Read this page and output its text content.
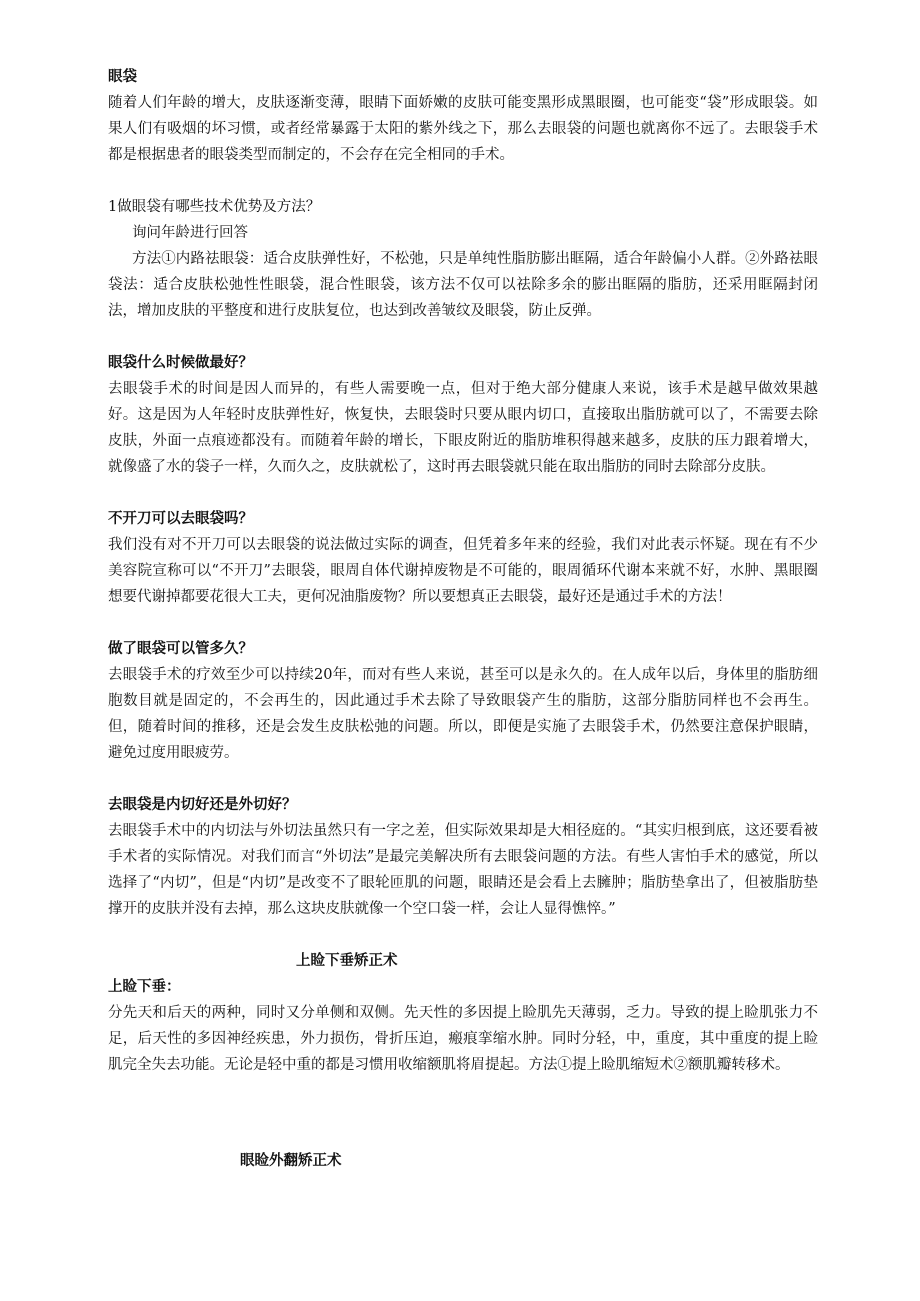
眼袋

随着人们年龄的增大，皮肤逐渐变薄，眼睛下面娇嫩的皮肤可能变黑形成黑眼圈，也可能变“袋”形成眼袋。如果人们有吸烟的坏习惯，或者经常暴露于太阳的紫外线之下，那么去眼袋的问题也就离你不远了。去眼袋手术都是根据患者的眼袋类型而制定的，不会存在完全相同的手术。

1做眼袋有哪些技术优势及方法？

询问年龄进行回答

方法①内路祛眼袋：适合皮肤弹性好，不松弛，只是单纯性脂肪膨出眶隔，适合年龄偏小人群。②外路祛眼袋法：适合皮肤松弛性性眼袋，混合性眼袋，该方法不仅可以祛除多余的膨出眶隔的脂肪，还采用眶隔封闭法，增加皮肤的平整度和进行皮肤复位，也达到改善皱纹及眼袋，防止反弹。

眼袋什么时候做最好？

去眼袋手术的时间是因人而异的，有些人需要晚一点，但对于绝大部分健康人来说，该手术是越早做效果越好。这是因为人年轻时皮肤弹性好，恢复快，去眼袋时只要从眼内切口，直接取出脂肪就可以了，不需要去除皮肤，外面一点痕迹都没有。而随着年龄的增长，下眼皮附近的脂肪堆积得越来越多，皮肤的压力跟着增大，就像盛了水的袋子一样，久而久之，皮肤就松了，这时再去眼袋就只能在取出脂肪的同时去除部分皮肤。

不开刀可以去眼袋吗？

我们没有对不开刀可以去眼袋的说法做过实际的调查，但凭着多年来的经验，我们对此表示怀疑。现在有不少美容院宣称可以“不开刀”去眼袋，眼周自体代谢掉废物是不可能的，眼周循环代谢本来就不好，水肿、黑眼圈想要代谢掉都要花很大工夫，更何况油脂废物？所以要想真正去眼袋，最好还是通过手术的方法！

做了眼袋可以管多久？

去眼袋手术的疗效至少可以持续20年，而对有些人来说，甚至可以是永久的。在人成年以后，身体里的脂肪细胞数目就是固定的，不会再生的，因此通过手术去除了导致眼袋产生的脂肪，这部分脂肪同样也不会再生。但，随着时间的推移，还是会发生皮肤松弛的问题。所以，即便是实施了去眼袋手术，仍然要注意保护眼睛，避免过度用眼疲劳。

去眼袋是内切好还是外切好？

去眼袋手术中的内切法与外切法虽然只有一字之差，但实际效果却是大相径庭的。“其实归根到底，这还要看被手术者的实际情况。对我们而言“外切法”是最完美解决所有去眼袋问题的方法。有些人害怕手术的感觉，所以选择了“内切”，但是“内切”是改变不了眼轮匝肌的问题，眼睛还是会看上去臃肿；脂肪垫拿出了，但被脂肪垫撑开的皮肤并没有去掉，那么这块皮肤就像一个空口袋一样，会让人显得憔悴。”

上睑下垂矫正术

上睑下垂：

分先天和后天的两种，同时又分单侧和双侧。先天性的多因提上睑肌先天薄弱，乏力。导致的提上睑肌张力不足，后天性的多因神经疾患，外力损伤，骨折压迫，瘢痕挛缩水肿。同时分轻，中，重度，其中重度的提上睑肌完全失去功能。无论是轻中重的都是习惯用收缩额肌将眉提起。方法①提上睑肌缩短术②额肌瓣转移术。

眼睑外翻矫正术
